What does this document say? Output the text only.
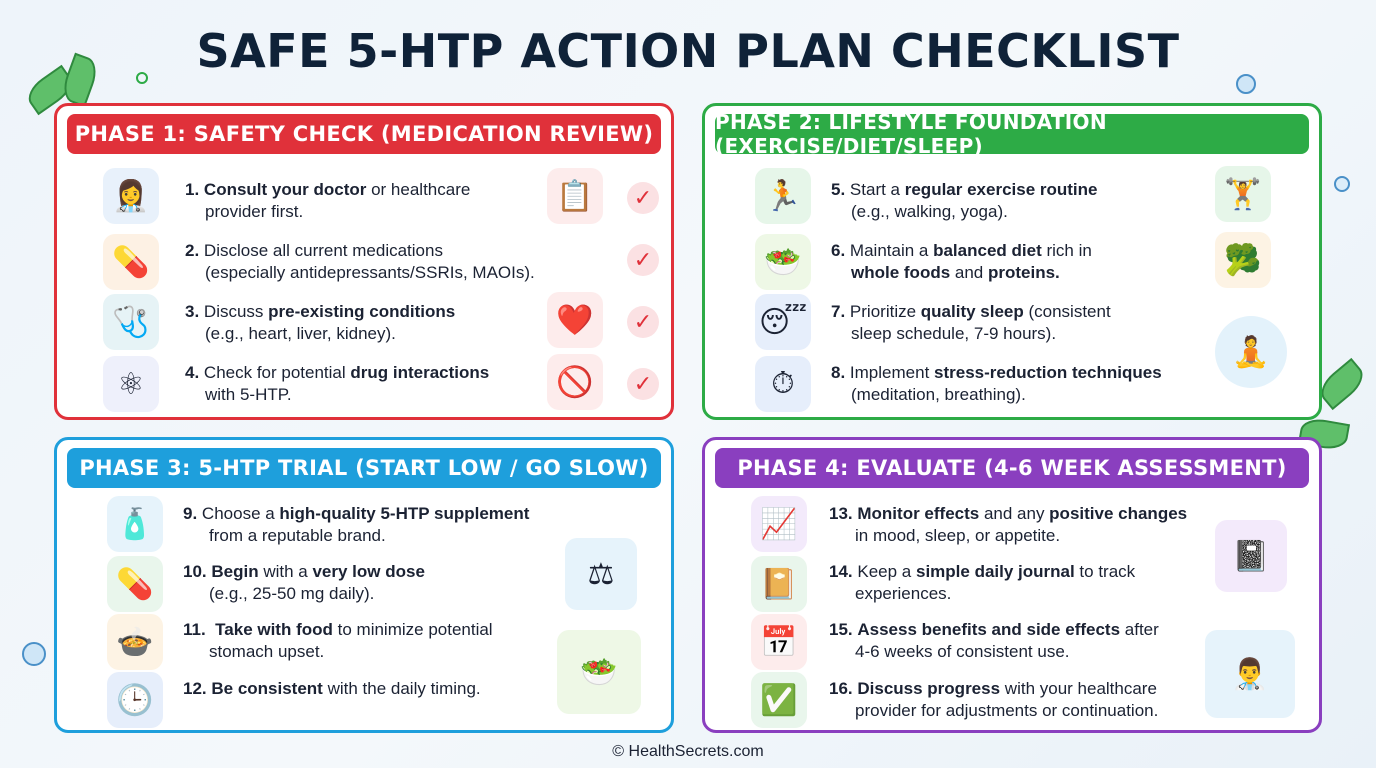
SAFE 5-HTP ACTION PLAN CHECKLIST
PHASE 1: SAFETY CHECK (MEDICATION REVIEW)
👩‍⚕️	1. Consult your doctor or healthcare
provider first.	📋	✓
💊	2. Disclose all current medications
(especially antidepressants/SSRIs, MAOIs).
✓
🩺	3. Discuss pre-existing conditions
(e.g., heart, liver, kidney).	❤️	✓
⚛	4. Check for potential drug interactions
with 5-HTP.	🚫	✓
PHASE 2: LIFESTYLE FOUNDATION (EXERCISE/DIET/SLEEP)
🏃	5. Start a regular exercise routine
(e.g., walking, yoga).
🏋
🥗	6. Maintain a balanced diet rich in
whole foods and proteins.	🥦
😴 7. Prioritize quality sleep (consistent
sleep schedule, 7-9 hours).
🧘
⏱	8. Implement stress-reduction techniques
(meditation, breathing).
PHASE 3: 5-HTP TRIAL (START LOW / GO SLOW)
🧴	9. Choose a high-quality 5-HTP supplement
from a reputable brand.
💊	10. Begin with a very low dose
(e.g., 25-50 mg daily).
⚖
🍲	11. Take with food to minimize potential
stomach upset.
🥗
🕒	12. Be consistent with the daily timing.
PHASE 4: EVALUATE (4-6 WEEK ASSESSMENT)
📈	13. Monitor effects and any positive changes
in mood, sleep, or appetite.
📓
📔	14. Keep a simple daily journal to track
experiences.
📅	15. Assess benefits and side effects after
4-6 weeks of consistent use.
👨‍⚕️
✅	16. Discuss progress with your healthcare
provider for adjustments or continuation.
© HealthSecrets.com
